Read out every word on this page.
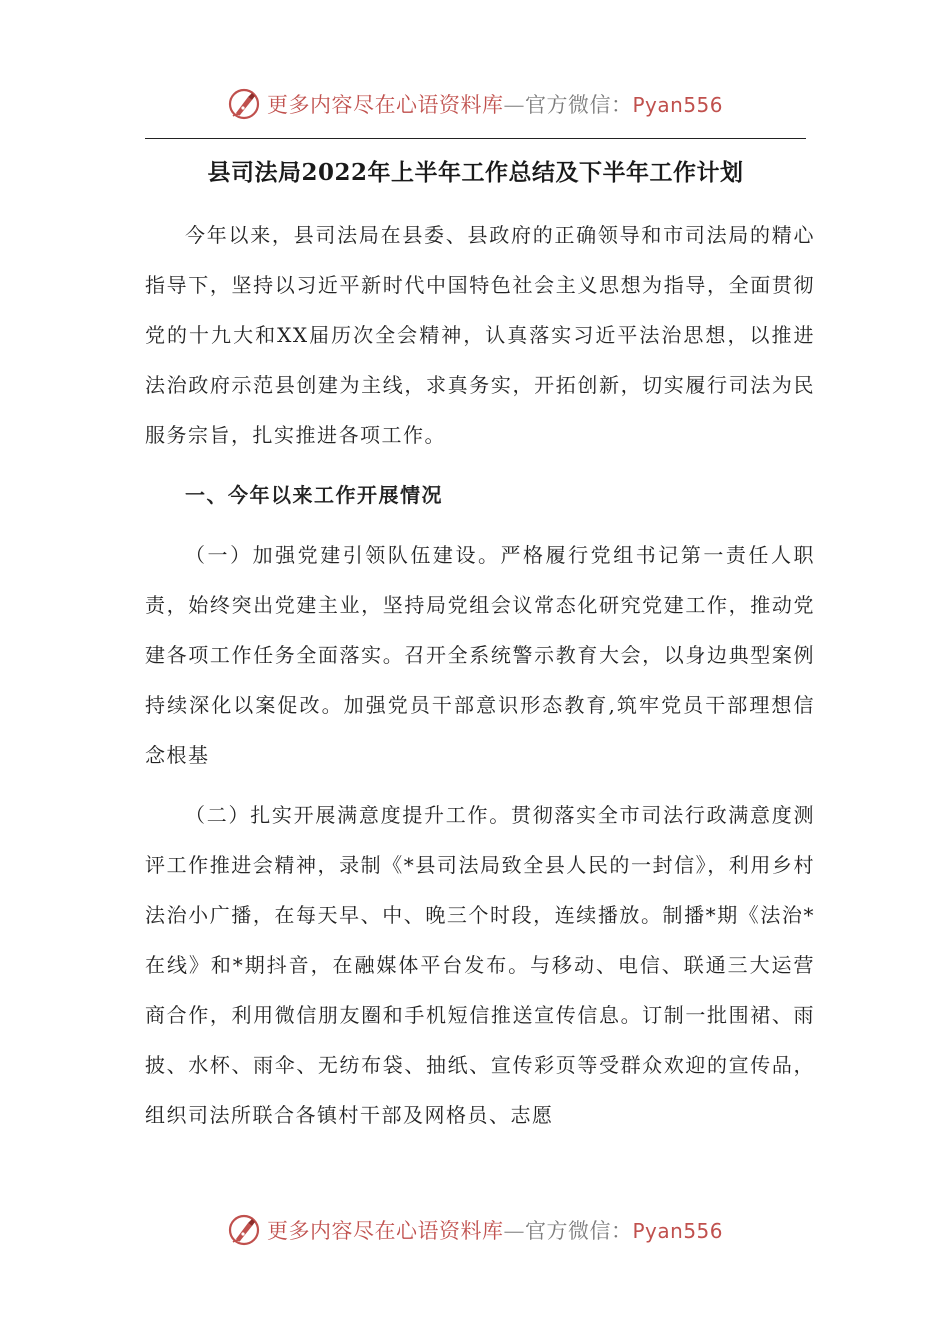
更多内容尽在心语资料库—官方微信：Pyan556
县司法局2022年上半年工作总结及下半年工作计划

今年以来，县司法局在县委、县政府的正确领导和市司法局的精心指导下，坚持以习近平新时代中国特色社会主义思想为指导，全面贯彻党的十九大和XX届历次全会精神，认真落实习近平法治思想，以推进法治政府示范县创建为主线，求真务实，开拓创新，切实履行司法为民服务宗旨，扎实推进各项工作。

一、今年以来工作开展情况

（一）加强党建引领队伍建设。严格履行党组书记第一责任人职责，始终突出党建主业，坚持局党组会议常态化研究党建工作，推动党建各项工作任务全面落实。召开全系统警示教育大会，以身边典型案例持续深化以案促改。加强党员干部意识形态教育,筑牢党员干部理想信念根基

（二）扎实开展满意度提升工作。贯彻落实全市司法行政满意度测评工作推进会精神，录制《*县司法局致全县人民的一封信》，利用乡村法治小广播，在每天早、中、晚三个时段，连续播放。制播*期《法治*在线》和*期抖音，在融媒体平台发布。与移动、电信、联通三大运营商合作，利用微信朋友圈和手机短信推送宣传信息。订制一批围裙、雨披、水杯、雨伞、无纺布袋、抽纸、宣传彩页等受群众欢迎的宣传品，组织司法所联合各镇村干部及网格员、志愿

更多内容尽在心语资料库—官方微信：Pyan556
